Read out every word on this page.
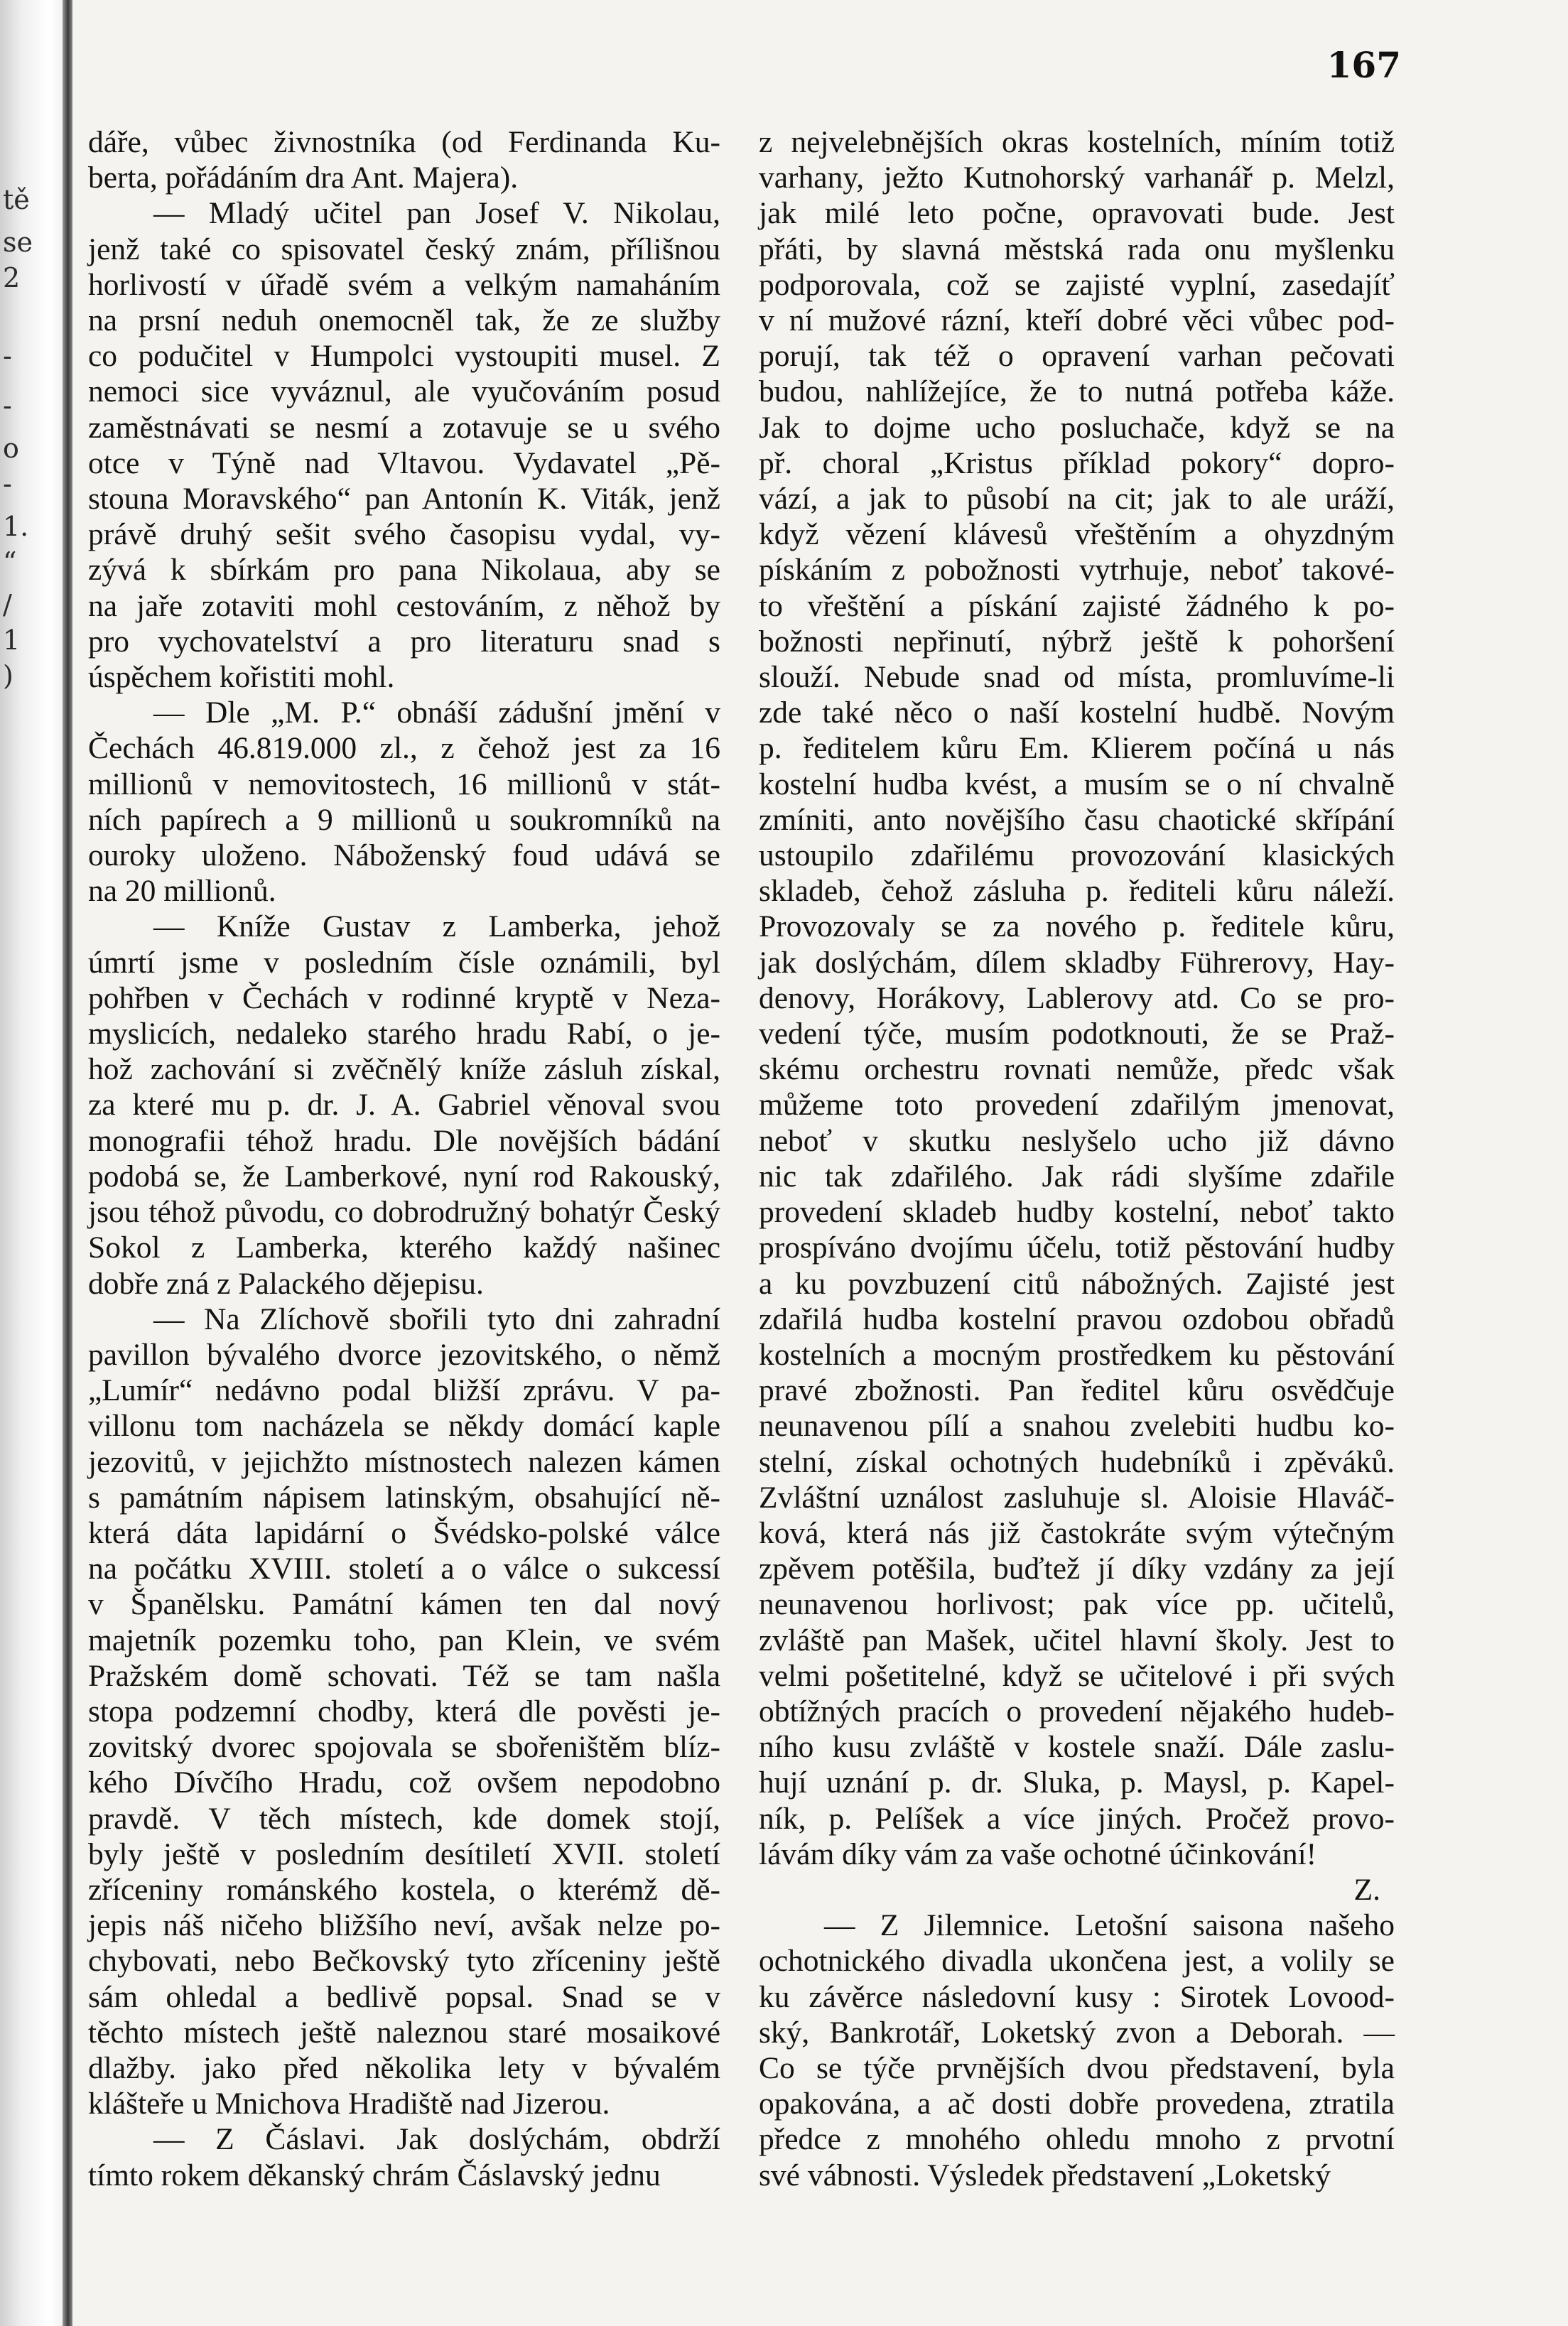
tě
se
2
-
-
o
-
1.
“
/
1
)
167
dáře, vůbec živnostníka (od Ferdinanda Ku-
berta, pořádáním dra Ant. Majera).
— Mladý učitel pan Josef V. Nikolau,
jenž také co spisovatel český znám, přílišnou
horlivostí v úřadě svém a velkým namaháním
na prsní neduh onemocněl tak, že ze služby
co podučitel v Humpolci vystoupiti musel. Z
nemoci sice vyváznul, ale vyučováním posud
zaměstnávati se nesmí a zotavuje se u svého
otce v Týně nad Vltavou. Vydavatel „Pě-
stouna Moravského“ pan Antonín K. Viták, jenž
právě druhý sešit svého časopisu vydal, vy-
zývá k sbírkám pro pana Nikolaua, aby se
na jaře zotaviti mohl cestováním, z něhož by
pro vychovatelství a pro literaturu snad s
úspěchem kořistiti mohl.
— Dle „M. P.“ obnáší zádušní jmění v
Čechách 46.819.000 zl., z čehož jest za 16
millionů v nemovitostech, 16 millionů v stát-
ních papírech a 9 millionů u soukromníků na
ouroky uloženo. Náboženský foud udává se
na 20 millionů.
— Kníže Gustav z Lamberka, jehož
úmrtí jsme v posledním čísle oznámili, byl
pohřben v Čechách v rodinné kryptě v Neza-
myslicích, nedaleko starého hradu Rabí, o je-
hož zachování si zvěčnělý kníže zásluh získal,
za které mu p. dr. J. A. Gabriel věnoval svou
monografii téhož hradu. Dle novějších bádání
podobá se, že Lamberkové, nyní rod Rakouský,
jsou téhož původu, co dobrodružný bohatýr Český
Sokol z Lamberka, kterého každý našinec
dobře zná z Palackého dějepisu.
— Na Zlíchově sbořili tyto dni zahradní
pavillon bývalého dvorce jezovitského, o němž
„Lumír“ nedávno podal bližší zprávu. V pa-
villonu tom nacházela se někdy domácí kaple
jezovitů, v jejichžto místnostech nalezen kámen
s památním nápisem latinským, obsahující ně-
která dáta lapidární o Švédsko-polské válce
na počátku XVIII. století a o válce o sukcessí
v Španělsku. Památní kámen ten dal nový
majetník pozemku toho, pan Klein, ve svém
Pražském domě schovati. Též se tam našla
stopa podzemní chodby, která dle pověsti je-
zovitský dvorec spojovala se sbořeništěm blíz-
kého Dívčího Hradu, což ovšem nepodobno
pravdě. V těch místech, kde domek stojí,
byly ještě v posledním desítiletí XVII. století
zříceniny románského kostela, o kterémž dě-
jepis náš ničeho bližšího neví, avšak nelze po-
chybovati, nebo Bečkovský tyto zříceniny ještě
sám ohledal a bedlivě popsal. Snad se v
těchto místech ještě naleznou staré mosaikové
dlažby. jako před několika lety v bývalém
klášteře u Mnichova Hradiště nad Jizerou.
— Z Čáslavi. Jak doslýchám, obdrží
tímto rokem děkanský chrám Čáslavský jednu
z nejvelebnějších okras kostelních, míním totiž
varhany, ježto Kutnohorský varhanář p. Melzl,
jak milé leto počne, opravovati bude. Jest
přáti, by slavná městská rada onu myšlenku
podporovala, což se zajisté vyplní, zasedajíť
v ní mužové rázní, kteří dobré věci vůbec pod-
porují, tak též o opravení varhan pečovati
budou, nahlížejíce, že to nutná potřeba káže.
Jak to dojme ucho posluchače, když se na
př. choral „Kristus příklad pokory“ dopro-
vází, a jak to působí na cit; jak to ale uráží,
když vězení klávesů vřeštěním a ohyzdným
pískáním z pobožnosti vytrhuje, neboť takové-
to vřeštění a pískání zajisté žádného k po-
božnosti nepřinutí, nýbrž ještě k pohoršení
slouží. Nebude snad od místa, promluvíme-li
zde také něco o naší kostelní hudbě. Novým
p. ředitelem kůru Em. Klierem počíná u nás
kostelní hudba kvést, a musím se o ní chvalně
zmíniti, anto novějšího času chaotické skřípání
ustoupilo zdařilému provozování klasických
skladeb, čehož zásluha p. řediteli kůru náleží.
Provozovaly se za nového p. ředitele kůru,
jak doslýchám, dílem skladby Führerovy, Hay-
denovy, Horákovy, Lablerovy atd. Co se pro-
vedení týče, musím podotknouti, že se Praž-
skému orchestru rovnati nemůže, předc však
můžeme toto provedení zdařilým jmenovat,
neboť v skutku neslyšelo ucho již dávno
nic tak zdařilého. Jak rádi slyšíme zdařile
provedení skladeb hudby kostelní, neboť takto
prospíváno dvojímu účelu, totiž pěstování hudby
a ku povzbuzení citů nábožných. Zajisté jest
zdařilá hudba kostelní pravou ozdobou obřadů
kostelních a mocným prostředkem ku pěstování
pravé zbožnosti. Pan ředitel kůru osvědčuje
neunavenou pílí a snahou zvelebiti hudbu ko-
stelní, získal ochotných hudebníků i zpěváků.
Zvláštní uználost zasluhuje sl. Aloisie Hlaváč-
ková, která nás již častokráte svým výtečným
zpěvem potěšila, buďtež jí díky vzdány za její
neunavenou horlivost; pak více pp. učitelů,
zvláště pan Mašek, učitel hlavní školy. Jest to
velmi pošetitelné, když se učitelové i při svých
obtížných pracích o provedení nějakého hudeb-
ního kusu zvláště v kostele snaží. Dále zaslu-
hují uznání p. dr. Sluka, p. Maysl, p. Kapel-
ník, p. Pelíšek a více jiných. Pročež provo-
lávám díky vám za vaše ochotné účinkování!
Z.
— Z Jilemnice. Letošní saisona našeho
ochotnického divadla ukončena jest, a volily se
ku závěrce následovní kusy : Sirotek Lovood-
ský, Bankrotář, Loketský zvon a Deborah. —
Co se týče prvnějších dvou představení, byla
opakována, a ač dosti dobře provedena, ztratila
předce z mnohého ohledu mnoho z prvotní
své vábnosti. Výsledek představení „Loketský
